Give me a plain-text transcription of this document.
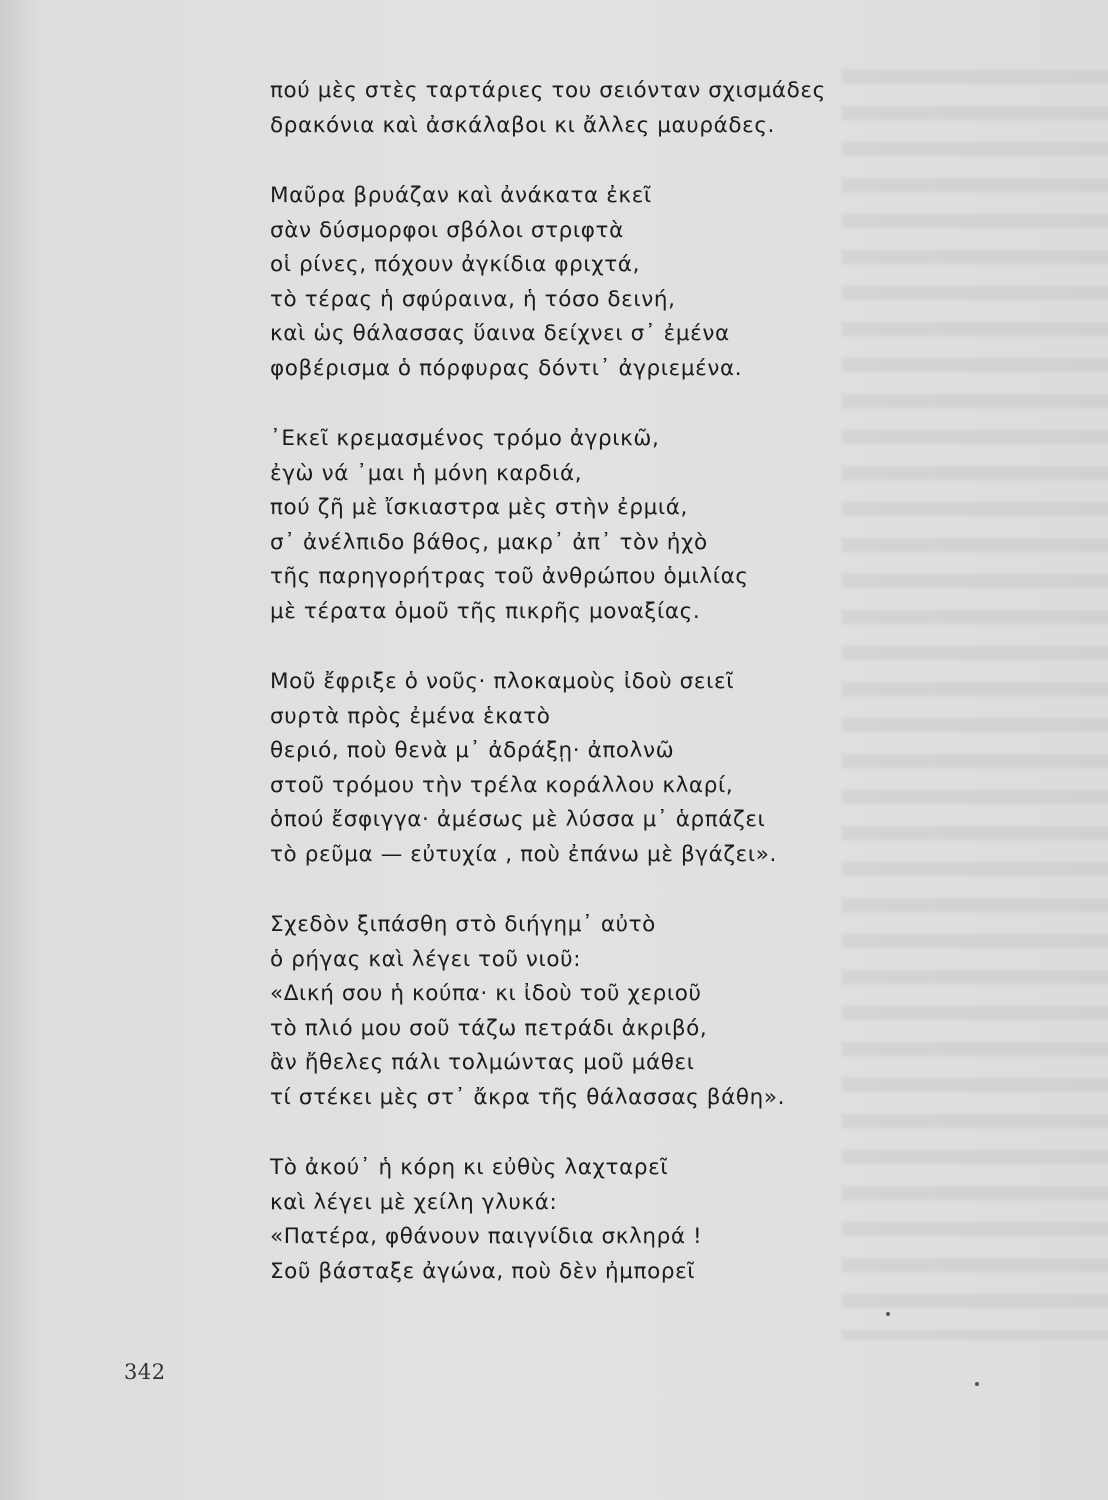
πού μὲς στὲς ταρτάριες του σειόνταν σχισμάδες
δρακόνια καὶ ἀσκάλαβοι κι ἄλλες μαυράδες.
Μαῦρα βρυάζαν καὶ ἀνάκατα ἐκεῖ
σὰν δύσμορφοι σβόλοι στριφτὰ
οἱ ρίνες, πόχουν ἀγκίδια φριχτά,
τὸ τέρας ἡ σφύραινα, ἡ τόσο δεινή,
καὶ ὡς θάλασσας ὕαινα δείχνει σ᾽ ἐμένα
φοβέρισμα ὁ πόρφυρας δόντι᾽ ἀγριεμένα.
᾽Εκεῖ κρεμασμένος τρόμο ἀγρικῶ,
ἐγὼ νά ᾽μαι ἡ μόνη καρδιά,
πού ζῆ μὲ ἴσκιαστρα μὲς στὴν ἐρμιά,
σ᾽ ἀνέλπιδο βάθος, μακρ᾽ ἀπ᾽ τὸν ἠχὸ
τῆς παρηγορήτρας τοῦ ἀνθρώπου ὁμιλίας
μὲ τέρατα ὁμοῦ τῆς πικρῆς μοναξίας.
Μοῦ ἔφριξε ὁ νοῦς· πλοκαμοὺς ἰδοὺ σειεῖ
συρτὰ πρὸς ἐμένα ἑκατὸ
θεριό, ποὺ θενὰ μ᾽ ἀδράξῃ· ἀπολνῶ
στοῦ τρόμου τὴν τρέλα κοράλλου κλαρί,
ὁπού ἔσφιγγα· ἀμέσως μὲ λύσσα μ᾽ ἁρπάζει
τὸ ρεῦμα — εὐτυχία , ποὺ ἐπάνω μὲ βγάζει».
Σχεδὸν ξιπάσθη στὸ διήγημ᾽ αὐτὸ
ὁ ρήγας καὶ λέγει τοῦ νιοῦ:
«Δική σου ἡ κούπα· κι ἰδοὺ τοῦ χεριοῦ
τὸ πλιό μου σοῦ τάζω πετράδι ἀκριβό,
ἂν ἤθελες πάλι τολμώντας μοῦ μάθει
τί στέκει μὲς στ᾽ ἄκρα τῆς θάλασσας βάθη».
Τὸ ἀκού᾽ ἡ κόρη κι εὐθὺς λαχταρεῖ
καὶ λέγει μὲ χείλη γλυκά:
«Πατέρα, φθάνουν παιγνίδια σκληρά !
Σοῦ βάσταξε ἀγώνα, ποὺ δὲν ἠμπορεῖ
342
